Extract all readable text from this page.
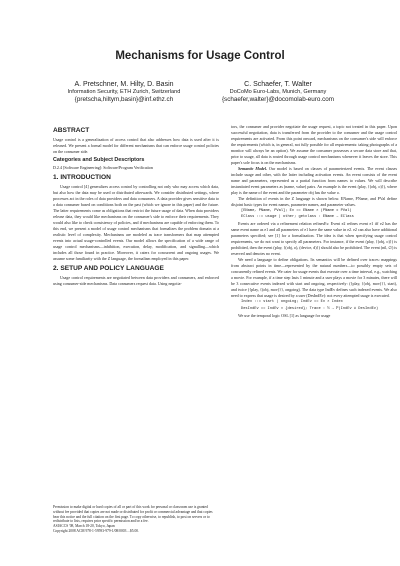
Mechanisms for Usage Control
A. Pretschner, M. Hilty, D. Basin
Information Security, ETH Zurich, Switzerland
{pretscha,hiltym,basin}@inf.ethz.ch
C. Schaefer, T. Walter
DoCoMo Euro-Labs, Munich, Germany
{schaefer,walter}@docomolab-euro.com
ABSTRACT

Usage control is a generalization of access control that also addresses how data is used after it is released. We present a formal model for different mechanisms that can enforce usage control policies on the consumer side.

Categories and Subject Descriptors

D.2.4 [Software Engineering]: Software/Program Verification

1. INTRODUCTION

Usage control [4] generalizes access control by controlling not only who may access which data, but also how the data may be used or distributed afterwards. We consider distributed settings, where processes act in the roles of data providers and data consumers. A data provider gives sensitive data to a data consumer based on conditions both on the past (which we ignore in this paper) and the future. The latter requirements come as obligations that restrict the future usage of data. When data providers release data, they would like mechanisms on the consumer's side to enforce their requirements. They would also like to check consistency of policies, and if mechanisms are capable of enforcing them. To this end, we present a model of usage control mechanisms that formalizes the problem domain at a realistic level of complexity. Mechanisms are modeled as trace transformers that map attempted events into actual usage-controlled events. Our model allows the specification of a wide range of usage control mechanisms—inhibition, execution, delay, modification, and signalling—which includes all those found in practice. Moreover, it caters for concurrent and ongoing usages. We assume some familiarity with the Z language, the formalism employed in this paper.

2. SETUP AND POLICY LANGUAGE

Usage control requirements are negotiated between data providers and consumers, and enforced using consumer-side mechanisms. Data consumers request data. Using negotia-

tors, the consumer and provider negotiate the usage request, a topic not treated in this paper. Upon successful negotiation, data is transferred from the provider to the consumer and the usage control requirements are activated. From this point onward, mechanisms on the consumer's side will enforce the requirements (which is, in general, not fully possible for all requirements: taking photographs of a monitor will always be an option). We assume the consumer possesses a secure data store and that, prior to usage, all data is routed through usage control mechanisms whenever it leaves the store. This paper's sole focus is on the mechanisms.

Semantic Model. Our model is based on classes of parameterized events. The event classes include usage and other, with the latter including activation events. An event consists of the event name and parameters, represented as a partial function from names to values. We will describe instantiated event parameters as (name, value) pairs. An example is the event (play, {(obj, o)}), where play is the name of the event and the parameter obj has the value o.

The definition of events in the Z language is shown below. EName, PName, and PVal define disjoint basic types for event names, parameter names, and parameter values.

[EName, PName, PVal]; Ev == EName × (PName ⇸ PVal)
EClass ::= usage | other; getclass : EName → EClass

Events are ordered via a refinement relation refinesEv. Event e2 refines event e1 iff e2 has the same event name as e1 and all parameters of e1 have the same value in e2. e2 can also have additional parameters specified; see [1] for a formalization. The idea is that when specifying usage control requirements, we do not want to specify all parameters. For instance, if the event (play, {(obj, o)}) is prohibited, then the event (play, {(obj, o), (device, d)}) should also be prohibited. The event (nil, ∅) is reserved and denotes no event.

We need a language to define obligations. Its semantics will be defined over traces: mappings from abstract points in time—represented by the natural numbers—to possibly empty sets of concurrently refined events. We cater for usage events that execute over a time interval, e.g., watching a movie. For example, if a time step lasts 1 minute and a user plays a movie for 3 minutes, there will be 3 consecutive events indexed with start and ongoing, respectively: ({play, {(obj, mov)}}, start), and twice ({play, {(obj, mov)}}, ongoing). The data type IndEv defines such indexed events. We also need to express that usage is desired by a user (DesIndEv): not every attempted usage is executed.

Index ::= start | ongoing; IndEv == Ev × Index
DesIndEv == IndEv × {desired}; Trace : ℕ → ℙ(IndEv ∪ DesIndEv)

We use the temporal logic OSL [1] as language for usage

Permission to make digital or hard copies of all or part of this work for personal or classroom use is granted without fee provided that copies are not made or distributed for profit or commercial advantage and that copies bear this notice and the full citation on the first page. To copy otherwise, to republish, to post on servers or to redistribute to lists, requires prior specific permission and/or a fee.
ASIACCS '08, March 18-20, Tokyo, Japan
Copyright 2008 ACM 978-1-59593-979-1/08/0003 ...$5.00.
